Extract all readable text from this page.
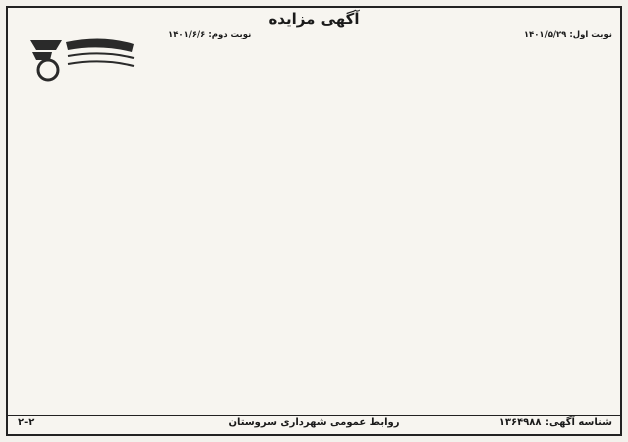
آگهی مزایده
نوبت اول: ۱۴۰۱/۵/۲۹
نوبت دوم: ۱۴۰۱/۶/۶
شناسه آگهی: ۱۳۶۴۹۸۸
روابط عمومی شهرداری سروستان
۲-۲
